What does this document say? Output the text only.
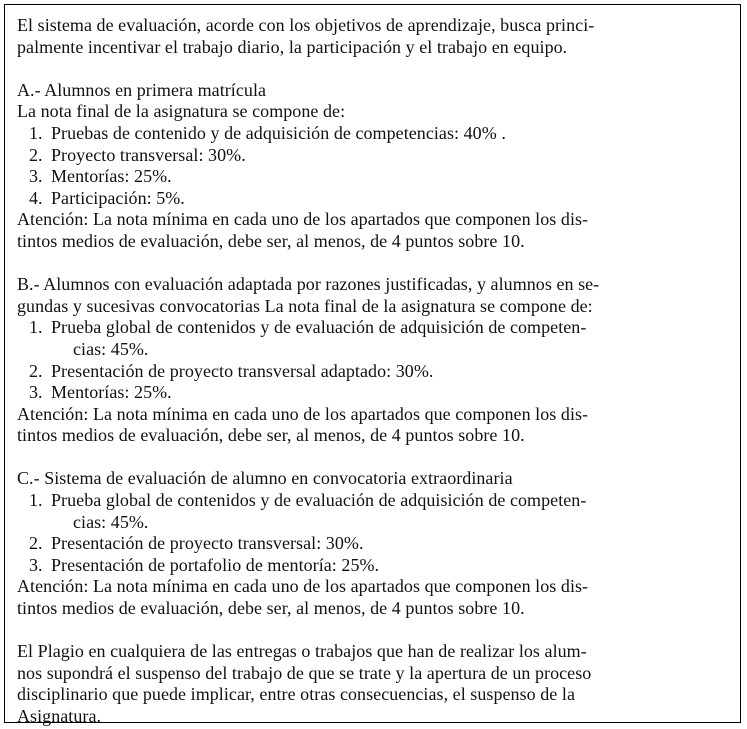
El sistema de evaluación, acorde con los objetivos de aprendizaje, busca princi-
palmente incentivar el trabajo diario, la participación y el trabajo en equipo.
A.- Alumnos en primera matrícula
La nota final de la asignatura se compone de:
1. Pruebas de contenido y de adquisición de competencias: 40% .
2. Proyecto transversal: 30%.
3. Mentorías: 25%.
4. Participación: 5%.
Atención: La nota mínima en cada uno de los apartados que componen los dis-
tintos medios de evaluación, debe ser, al menos, de 4 puntos sobre 10.
B.- Alumnos con evaluación adaptada por razones justificadas, y alumnos en se-
gundas y sucesivas convocatorias La nota final de la asignatura se compone de:
1. Prueba global de contenidos y de evaluación de adquisición de competen-
cias: 45%.
2. Presentación de proyecto transversal adaptado: 30%.
3. Mentorías: 25%.
Atención: La nota mínima en cada uno de los apartados que componen los dis-
tintos medios de evaluación, debe ser, al menos, de 4 puntos sobre 10.
C.- Sistema de evaluación de alumno en convocatoria extraordinaria
1. Prueba global de contenidos y de evaluación de adquisición de competen-
cias: 45%.
2. Presentación de proyecto transversal: 30%.
3. Presentación de portafolio de mentoría: 25%.
Atención: La nota mínima en cada uno de los apartados que componen los dis-
tintos medios de evaluación, debe ser, al menos, de 4 puntos sobre 10.
El Plagio en cualquiera de las entregas o trabajos que han de realizar los alum-
nos supondrá el suspenso del trabajo de que se trate y la apertura de un proceso
disciplinario que puede implicar, entre otras consecuencias, el suspenso de la
Asignatura.
